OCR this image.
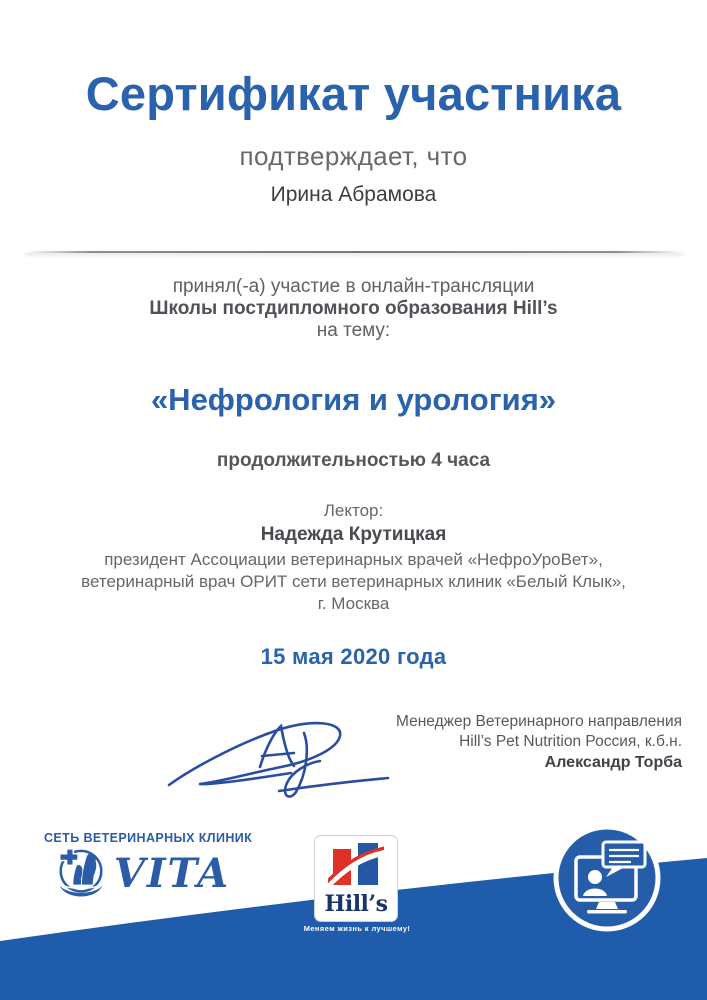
Сертификат участника
подтверждает, что
Ирина Абрамова
принял(-а) участие в онлайн-трансляции
Школы постдипломного образования Hill’s
на тему:
«Нефрология и урология»
продолжительностью 4 часа
Лектор:
Надежда Крутицкая
президент Ассоциации ветеринарных врачей «НефроУроВет»,
ветеринарный врач ОРИТ сети ветеринарных клиник «Белый Клык»,
г. Москва
15 мая 2020 года
Менеджер Ветеринарного направления
Hill’s Pet Nutrition Россия, к.б.н.
Александр Торба
СЕТЬ ВЕТЕРИНАРНЫХ КЛИНИК
VITA
Hill’s
Меняем жизнь к лучшему!
